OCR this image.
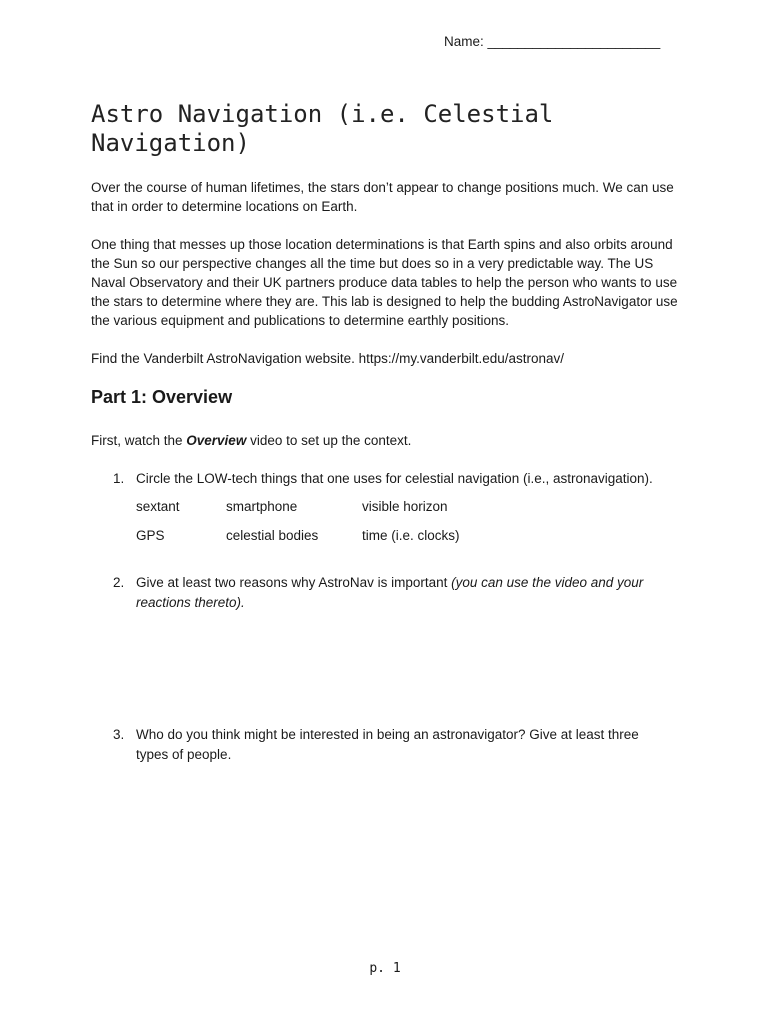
Name: _______________________
Astro Navigation (i.e. Celestial Navigation)

Over the course of human lifetimes, the stars don’t appear to change positions much. We can use that in order to determine locations on Earth.

One thing that messes up those location determinations is that Earth spins and also orbits around the Sun so our perspective changes all the time but does so in a very predictable way. The US Naval Observatory and their UK partners produce data tables to help the person who wants to use the stars to determine where they are. This lab is designed to help the budding AstroNavigator use the various equipment and publications to determine earthly positions.

Find the Vanderbilt AstroNavigation website. https://my.vanderbilt.edu/astronav/

Part 1: Overview

First, watch the Overview video to set up the context.

1. Circle the LOW-tech things that one uses for celestial navigation (i.e., astronavigation).
sextant	smartphone	visible horizon
GPS	celestial bodies	time (i.e. clocks)
2. Give at least two reasons why AstroNav is important (you can use the video and your reactions thereto).
3. Who do you think might be interested in being an astronavigator? Give at least three types of people.
p. 1
